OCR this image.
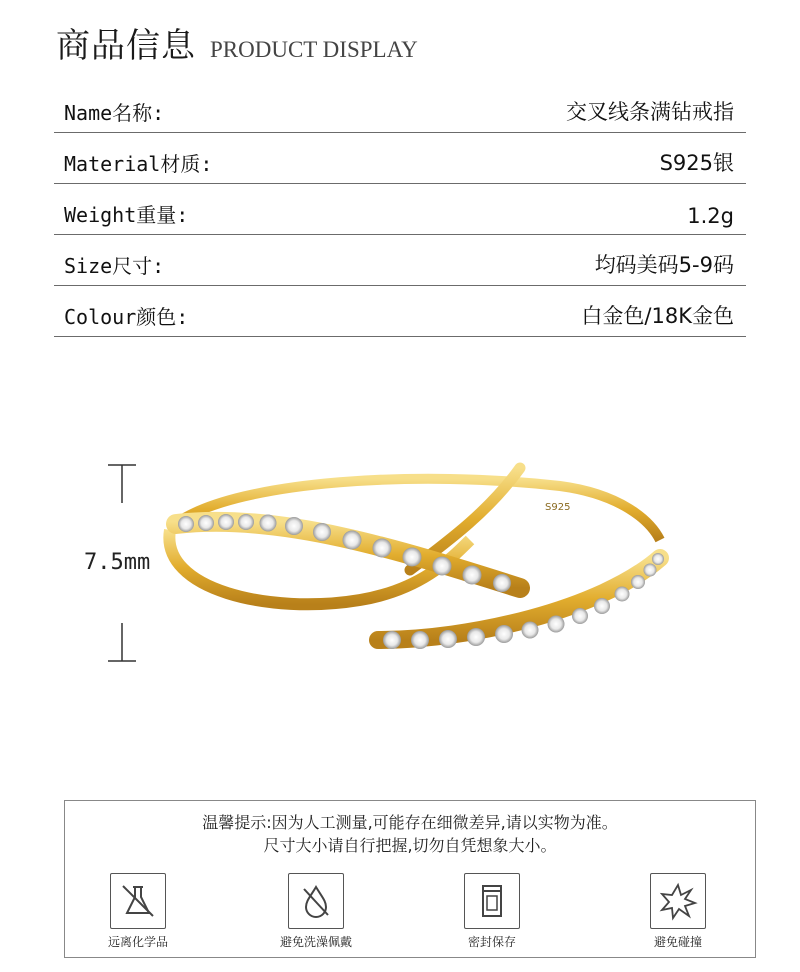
商品信息 PRODUCT DISPLAY
Name名称:	交叉线条满钻戒指
Material材质:	S925银
Weight重量:	1.2g
Size尺寸:	均码美码5-9码
Colour颜色:	白金色/18K金色
7.5mm
S925
温馨提示:因为人工测量,可能存在细微差异,请以实物为准。
尺寸大小请自行把握,切勿自凭想象大小。
远离化学品	避免洗澡佩戴	密封保存	避免碰撞
